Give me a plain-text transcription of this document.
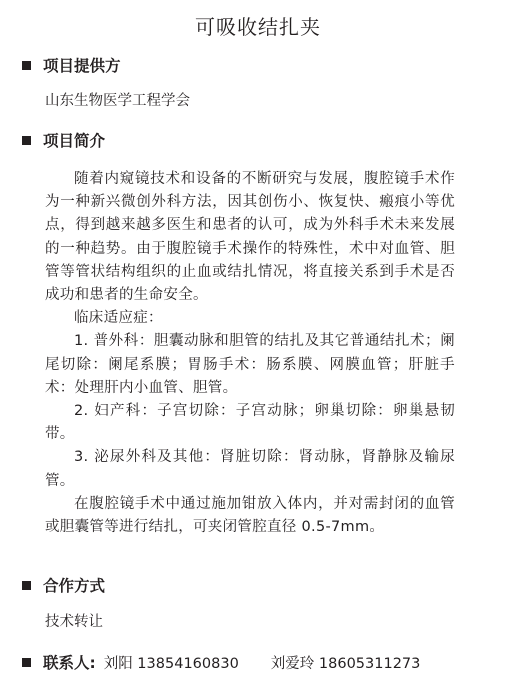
可吸收结扎夹
项目提供方
山东生物医学工程学会
项目简介

随着内窥镜技术和设备的不断研究与发展，腹腔镜手术作为一种新兴微创外科方法，因其创伤小、恢复快、瘢痕小等优点，得到越来越多医生和患者的认可，成为外科手术未来发展的一种趋势。由于腹腔镜手术操作的特殊性，术中对血管、胆管等管状结构组织的止血或结扎情况，将直接关系到手术是否成功和患者的生命安全。

临床适应症：

1. 普外科：胆囊动脉和胆管的结扎及其它普通结扎术；阑尾切除：阑尾系膜；胃肠手术：肠系膜、网膜血管；肝脏手术：处理肝内小血管、胆管。

2. 妇产科：子宫切除：子宫动脉；卵巢切除：卵巢悬韧带。

3. 泌尿外科及其他：肾脏切除：肾动脉，肾静脉及输尿管。

在腹腔镜手术中通过施加钳放入体内，并对需封闭的血管或胆囊管等进行结扎，可夹闭管腔直径 0.5-7mm。

合作方式
技术转让
联系人: 刘阳 13854160830 刘爱玲 18605311273
